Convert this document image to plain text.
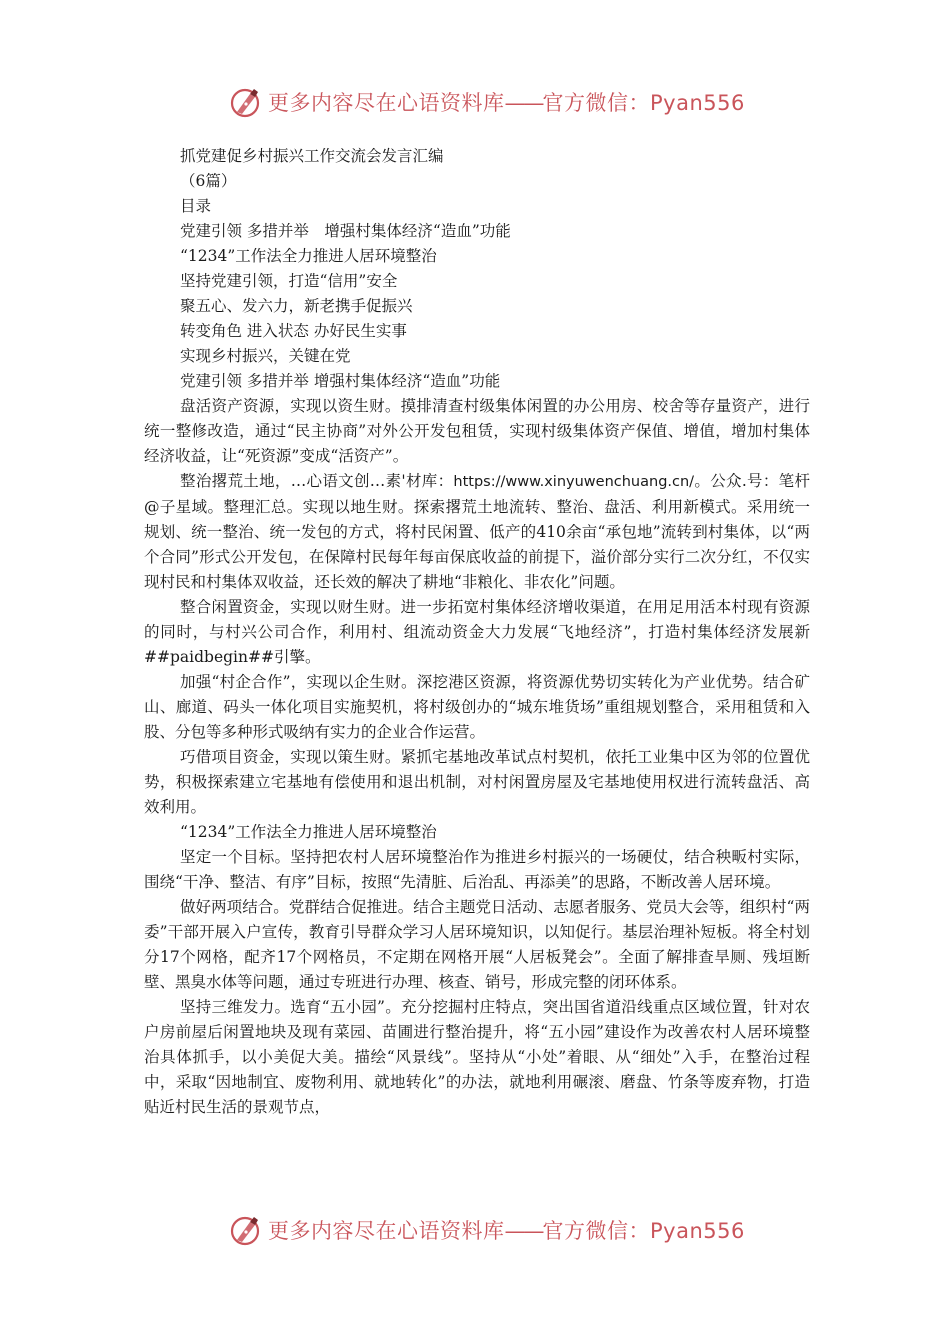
更多内容尽在心语资料库——官方微信：Pyan556
抓党建促乡村振兴工作交流会发言汇编
（6篇）
目录
党建引领 多措并举　增强村集体经济“造血”功能
“1234”工作法全力推进人居环境整治
坚持党建引领，打造“信用”安全
聚五心、发六力，新老携手促振兴
转变角色 进入状态 办好民生实事
实现乡村振兴，关键在党
党建引领 多措并举 增强村集体经济“造血”功能

盘活资产资源，实现以资生财。摸排清查村级集体闲置的办公用房、校舍等存量资产，进行统一整修改造，通过“民主协商”对外公开发包租赁，实现村级集体资产保值、增值，增加村集体经济收益，让“死资源”变成“活资产”。

整治撂荒土地，…心语文创…素'材库：https://www.xinyuwenchuang.cn/。公众.号：笔杆@子星域。整理汇总。实现以地生财。探索撂荒土地流转、整治、盘活、利用新模式。采用统一规划、统一整治、统一发包的方式，将村民闲置、低产的410余亩“承包地”流转到村集体，以“两个合同”形式公开发包，在保障村民每年每亩保底收益的前提下，溢价部分实行二次分红，不仅实现村民和村集体双收益，还长效的解决了耕地“非粮化、非农化”问题。

整合闲置资金，实现以财生财。进一步拓宽村集体经济增收渠道，在用足用活本村现有资源的同时，与村兴公司合作，利用村、组流动资金大力发展“飞地经济”，打造村集体经济发展新##paidbegin##引擎。

加强“村企合作”，实现以企生财。深挖港区资源，将资源优势切实转化为产业优势。结合矿山、廊道、码头一体化项目实施契机，将村级创办的“城东堆货场”重组规划整合，采用租赁和入股、分包等多种形式吸纳有实力的企业合作运营。

巧借项目资金，实现以策生财。紧抓宅基地改革试点村契机，依托工业集中区为邻的位置优势，积极探索建立宅基地有偿使用和退出机制，对村闲置房屋及宅基地使用权进行流转盘活、高效利用。

“1234”工作法全力推进人居环境整治

坚定一个目标。坚持把农村人居环境整治作为推进乡村振兴的一场硬仗，结合秧畈村实际，围绕“干净、整洁、有序”目标，按照“先清脏、后治乱、再添美”的思路，不断改善人居环境。

做好两项结合。党群结合促推进。结合主题党日活动、志愿者服务、党员大会等，组织村“两委”干部开展入户宣传，教育引导群众学习人居环境知识，以知促行。基层治理补短板。将全村划分17个网格，配齐17个网格员，不定期在网格开展“人居板凳会”。全面了解排查旱厕、残垣断壁、黑臭水体等问题，通过专班进行办理、核查、销号，形成完整的闭环体系。

坚持三维发力。选育“五小园”。充分挖掘村庄特点，突出国省道沿线重点区域位置，针对农户房前屋后闲置地块及现有菜园、苗圃进行整治提升，将“五小园”建设作为改善农村人居环境整治具体抓手，以小美促大美。描绘“风景线”。坚持从“小处”着眼、从“细处”入手，在整治过程中，采取“因地制宜、废物利用、就地转化”的办法，就地利用碾滚、磨盘、竹条等废弃物，打造贴近村民生活的景观节点，

更多内容尽在心语资料库——官方微信：Pyan556
